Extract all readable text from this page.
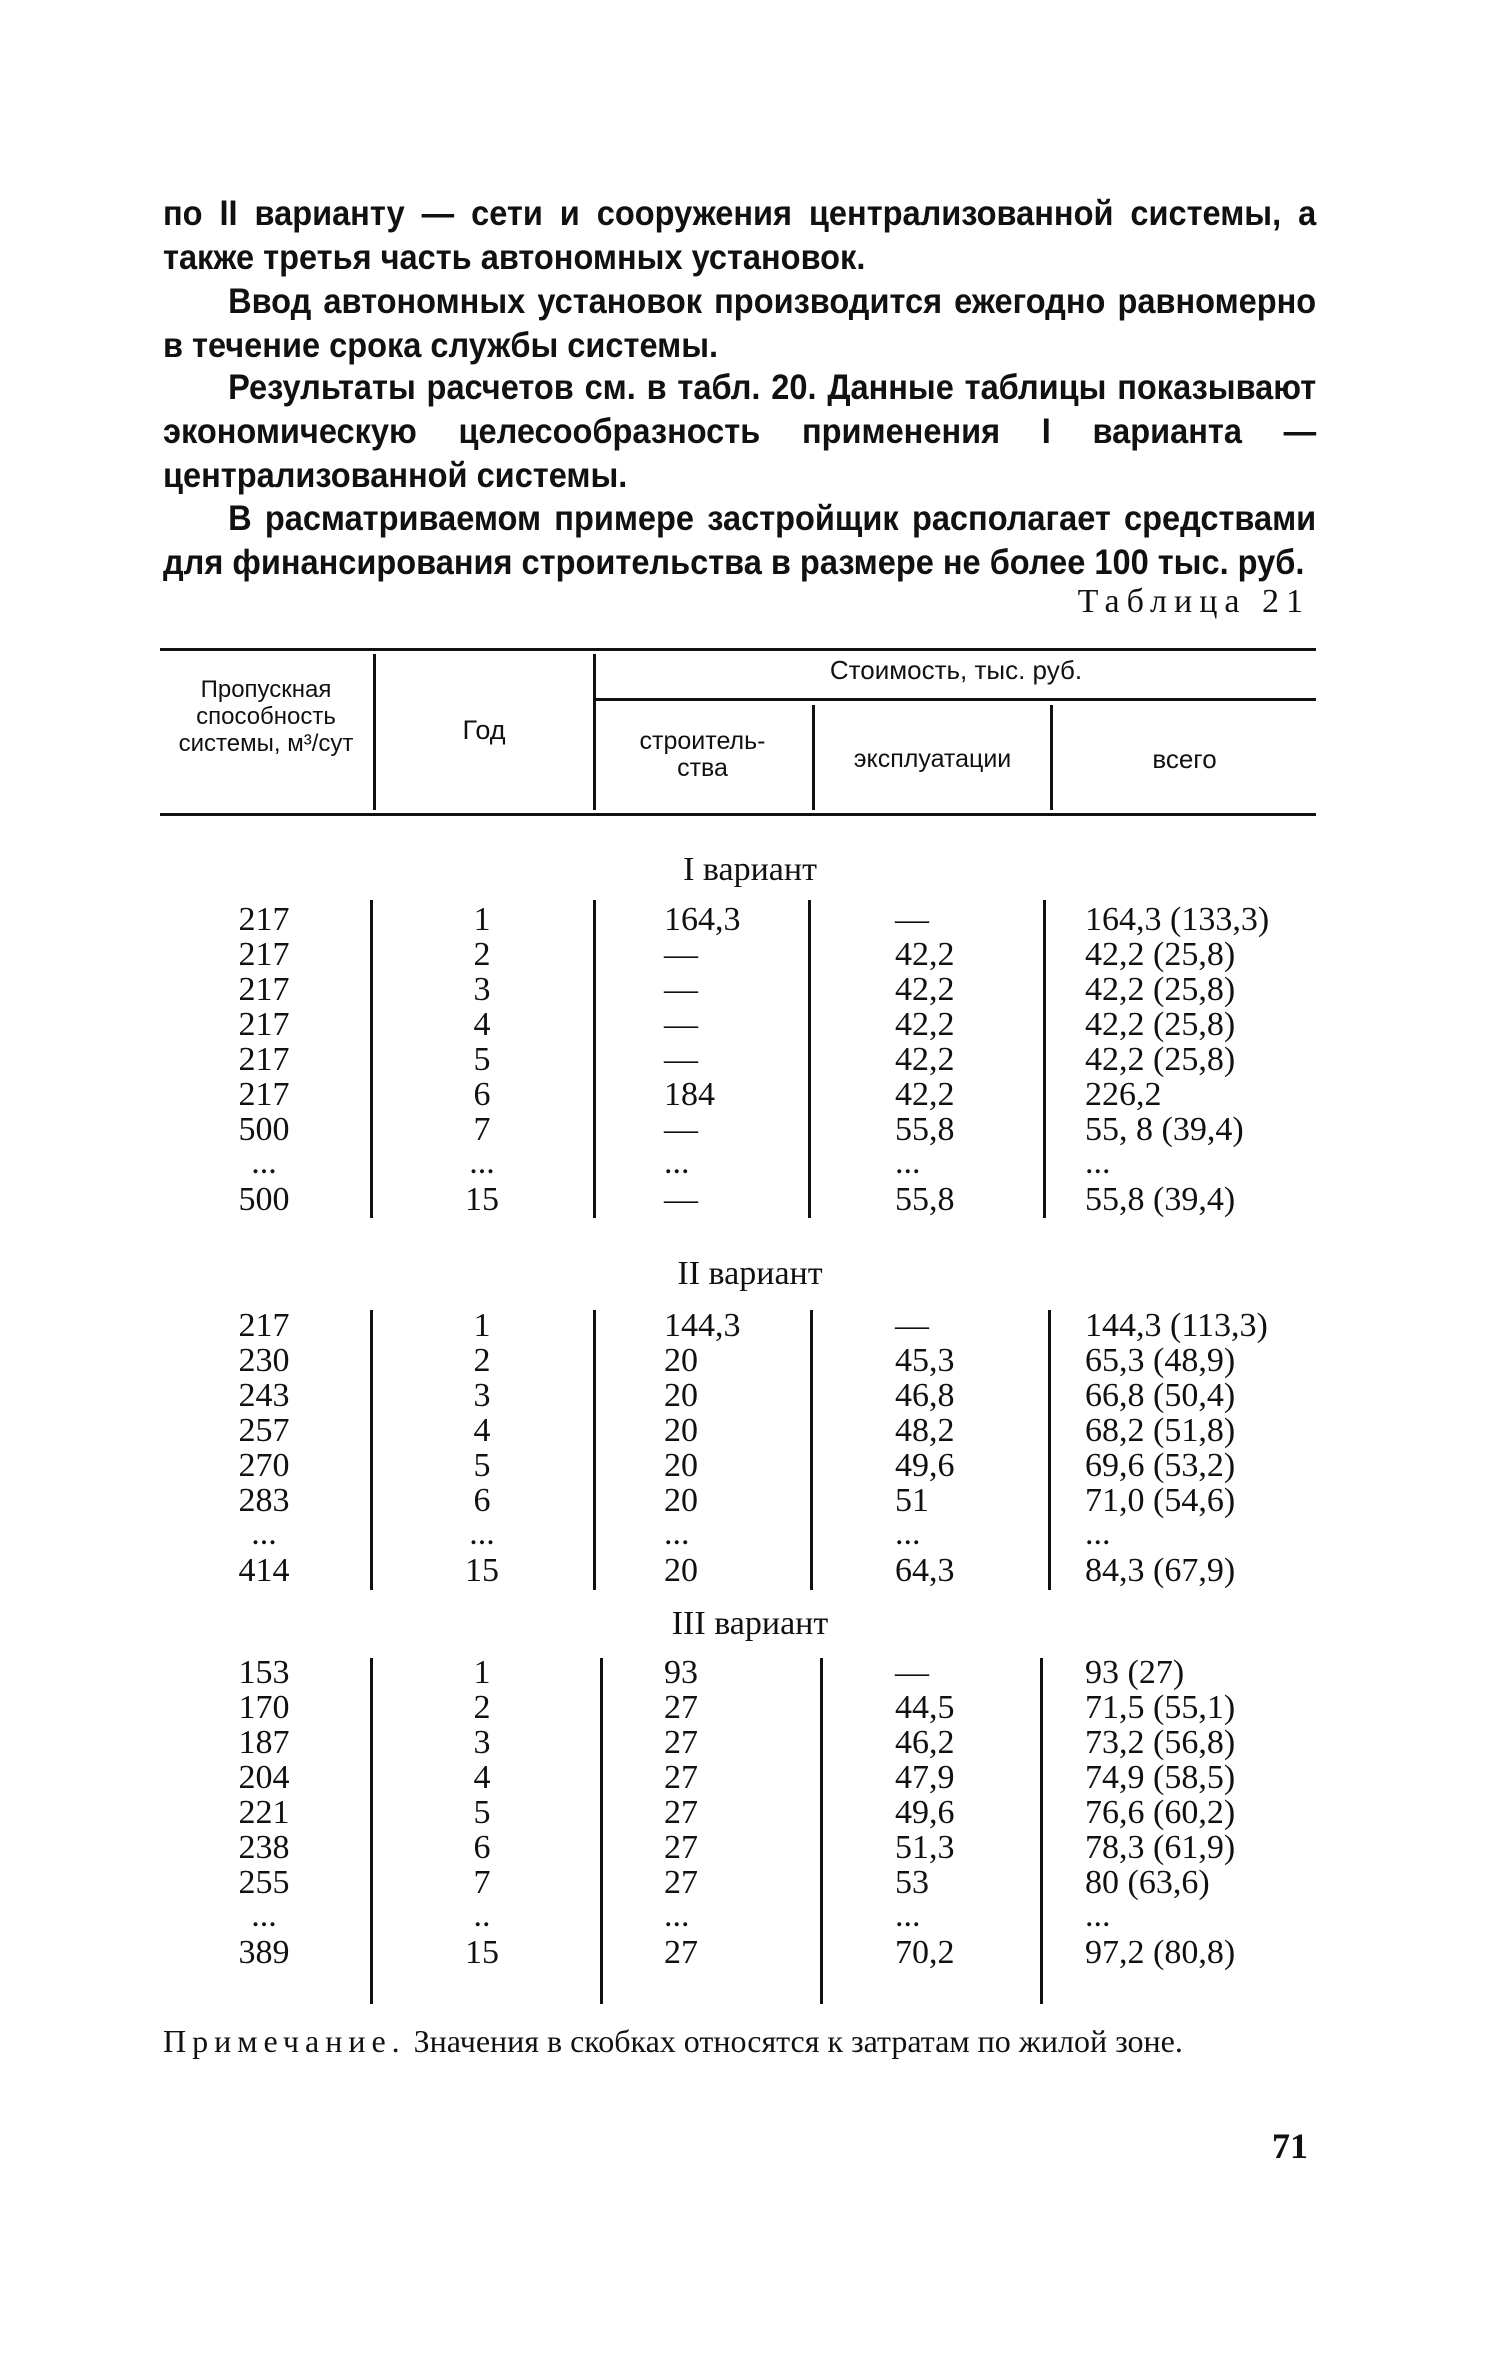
по II варианту — сети и сооружения централизованной системы, а также третья часть автономных установок.
Ввод автономных установок производится ежегодно равномерно в течение срока службы системы.
Результаты расчетов см. в табл. 20. Данные таблицы показывают экономическую целесообразность применения I варианта — централизованной системы.
В расматриваемом примере застройщик располагает средствами для финансирования строительства в размере не более 100 тыс. руб.
Таблица 21
Пропускная способность системы, м³/сут	Год
Стоимость, тыс. руб.
строитель-ства	эксплуатации	всего
I вариант
II вариант
III вариант
217	1	164,3	—	164,3 (133,3)
217	2	—	42,2	42,2 (25,8)
217	3	—	42,2	42,2 (25,8)
217	4	—	42,2	42,2 (25,8)
217	5	—	42,2	42,2 (25,8)
217	6	184	42,2	226,2
500	7	—	55,8	55, 8 (39,4)
...	...	...	...	...
500	15	—	55,8	55,8 (39,4)
217	1	144,3	—	144,3 (113,3)
230	2	20	45,3	65,3 (48,9)
243	3	20	46,8	66,8 (50,4)
257	4	20	48,2	68,2 (51,8)
270	5	20	49,6	69,6 (53,2)
283	6	20	51	71,0 (54,6)
...	...	...	...	...
414	15	20	64,3	84,3 (67,9)
153	1	93	—	93 (27)
170	2	27	44,5	71,5 (55,1)
187	3	27	46,2	73,2 (56,8)
204	4	27	47,9	74,9 (58,5)
221	5	27	49,6	76,6 (60,2)
238	6	27	51,3	78,3 (61,9)
255	7	27	53	80 (63,6)
...	..	...	...	...
389	15	27	70,2	97,2 (80,8)
Примечание. Значения в скобках относятся к затратам по жилой зоне.
71
